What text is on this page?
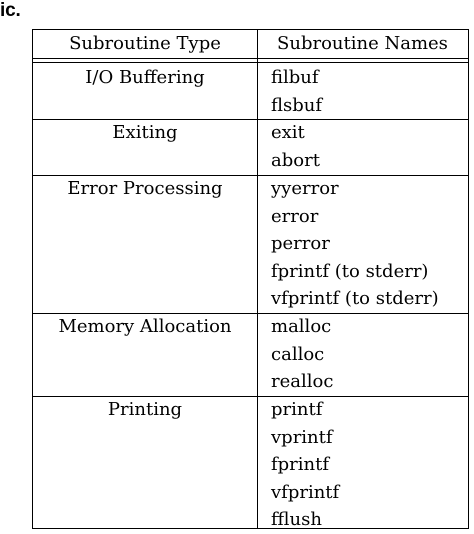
ic.
Subroutine Type	Subroutine Names
I/O Buffering	filbuf
flsbuf
Exiting	exit
abort
Error Processing	yyerror
error
perror
fprintf (to stderr)
vfprintf (to stderr)
Memory Allocation	malloc
calloc
realloc
Printing	printf
vprintf
fprintf
vfprintf
fflush
